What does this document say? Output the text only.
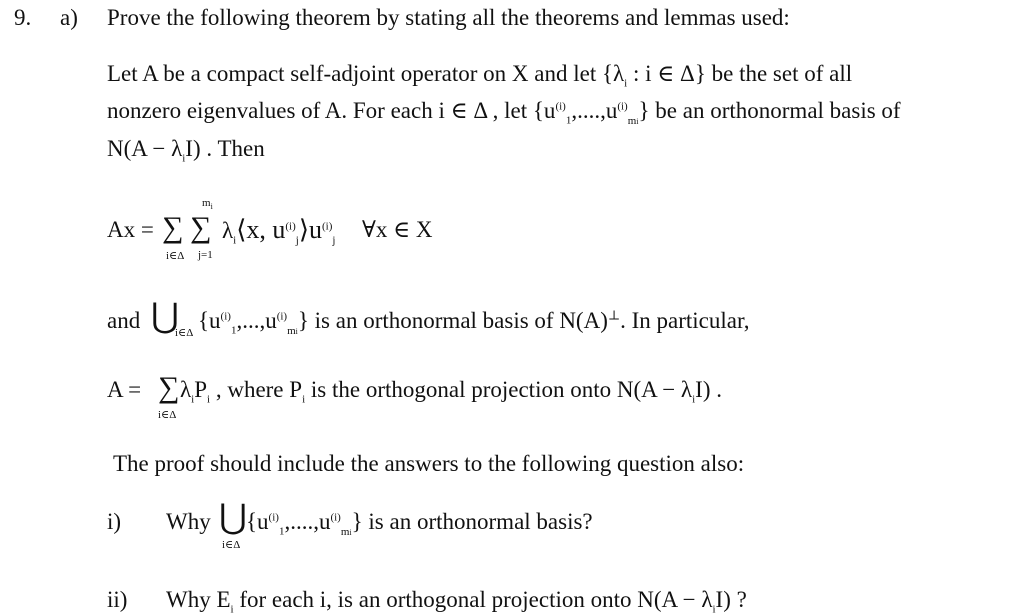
9. a) Prove the following theorem by stating all the theorems and lemmas used:
Let A be a compact self-adjoint operator on X and let {$\lambda_i$ : i ∈ Δ} be the set of all
nonzero eigenvalues of A. For each i ∈ Δ , let $\{u^{(i)}_1,....,u^{(i)}_{mi}\}$ be an orthonormal basis of
$N(A - \lambda_iI)$ . Then
Ax = ∑ ∑
i∈Δ j=1
$m_i$
$\lambda_i⟨x$, $u^{(i)}_j⟩u^{(i)}_j$ ∀x ∈ X
and ⋃
i∈Δ $\{u^{(i)}_1,...,u^{(i)}_{mi}\}$ is an orthonormal basis of N(A)⊥. In particular,
A = ∑
i∈Δ
$\lambda_iP_i$ , where $P_i$ is the orthogonal projection onto $N(A - \lambda_iI)$ .
The proof should include the answers to the following question also:
i) Why ⋃
i∈Δ
$\{u^{(i)}_1,....,u^{(i)}_{mi}\}$ is an orthonormal basis?
ii) Why $E_i$ for each i, is an orthogonal projection onto $N(A - \lambda_iI)$ ?
